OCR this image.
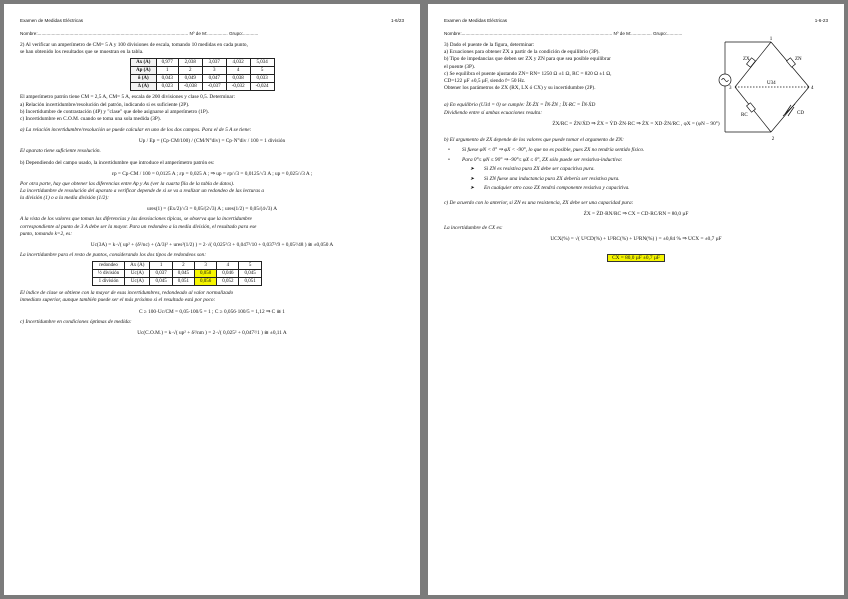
Examen de Medidas Eléctricas	1-6/23
Nombre:...................................................................................................................... Nº de M:................ Grupo:............

2) Al verificar un amperímetro de CM= 5 A y 100 divisiones de escala, tomando 10 medidas en cada punto,

se han obtenido los resultados que se muestran en la tabla.

Ax (A)	0,977	2,038	3,037	4,032	5,034
Ap (A)	1	2	3	4	5
δ (A)	0,043	0,049	0,047	0,038	0,033
Δ (A)	0,023	-0,038	-0,037	-0,032	-0,024

El amperímetro patrón tiene CM = 2,5 A, CM= 5 A, escala de 200 divisiones y clase 0,5. Determinar:

a) Relación incertidumbre/resolución del patrón, indicando si es suficiente (2P).

b) Incertidumbre de contrastación (4P) y "clase" que debe asignarse al amperímetro (1P).

c) Incertidumbre en C.O.M. cuando se toma una sola medida (3P).

a) La relación incertidumbre/resolución se puede calcular en uno de los dos campos. Para el de 5 A se tiene:

Up / Ep = (Cp·CM/100) / (CM/N°div) = Cp·N°div / 100 = 1 división

El aparato tiene suficiente resolución.

b) Dependiendo del campo usado, la incertidumbre que introduce el amperímetro patrón es:

εp = Cp·CM / 100 = 0,0125 A ; εp = 0,025 A ; ⇒ up = εp/√3 = 0,0125/√3 A ; up = 0,025/√3 A ;

Por otra parte, hay que obtener las diferencias entre Ap y Ax (ver la cuarta fila de la tabla de datos).

La incertidumbre de resolución del aparato a verificar depende de si se va a realizar un redondeo de las lecturas a

la división (1) o a la media división (1/2):

ures(1) = (Ex/2)/√3 = 0,05/(2√3) A ; ures(1/2) = 0,05/(4√3) A

A la vista de los valores que toman las diferencias y las desviaciones típicas, se observa que la incertidumbre

correspondiente al punto de 3 A debe ser la mayor. Para un redondeo a la media división, el resultado para ese

punto, tomando k=2, es:

Uc(3A) = k·√( up² + (δ²/nc) + (Δ/3)² + ures²(1/2) ) = 2·√( 0,025²/3 + 0,047²/10 + 0,037²/9 + 0,05²/48 ) ≅ ±0,050 A

La incertidumbre para el resto de puntos, considerando los dos tipos de redondeos son:

redondeo	Ax (A)	1	2	3	4	5
½ división	Uc(A)	0,037	0,045	0,050	0,046	0,045
1 división	Uc(A)	0,045	0,051	0,056	0,052	0,051

El índice de clase se obtiene con la mayor de esas incertidumbres, redondeado al valor normalizado

inmediato superior, aunque también puede ser el más próximo si el resultado está por poco:

C ≥ 100·Uc/CM = 0,05·100/5 = 1 ; C ≥ 0,056·100/5 = 1,12 ⇒ C ≅ 1

c) Incertidumbre en condiciones óptimas de medida:

Uc(C.O.M.) = k·√( up² + δ²/nm ) = 2·√( 0,025² + 0,047²/1 ) ≅ ±0,11 A

Examen de Medidas Eléctricas	1-6-23
Nombre:...................................................................................................................... Nº de M:................ Grupo:............

3) Dado el puente de la figura, determinar:

a) Ecuaciones para obtener ZX a partir de la condición de equilibrio (3P).

b) Tipo de impedancias que deben ser ZX y ZN para que sea posible equilibrar

el puente (3P).

c) Se equilibra el puente ajustando ZN= RN= 1250 Ω ±1 Ω, RC = 820 Ω ±1 Ω,

CD=122 µF ±0,5 µF, siendo f= 50 Hz.

Obtener los parámetros de ZX (RX, LX ó CX) y su incertidumbre (2P).

1
2
3	4
ZX	ZN
U34
RC	CD

a) En equilibrio (U34 = 0) se cumple: ÎX·ŻX = ÎN·ŻN ; ÎX·RC = ÎN·ẊD

Dividiendo entre sí ambas ecuaciones resulta:

ŻX/RC = ŻN/ẊD ⇒ ŻX = ẎD·ŻN·RC ⇒ ŻX = XD·ŻN/RC , φX = (φN − 90°)

b) El argumento de ZX depende de los valores que puede tomar el argumento de ZN:

• Si fuese φN < 0° ⇒ φX < -90°, lo que no es posible, pues ZX no tendría sentido físico.

• Para 0°≤ φN ≤ 90° ⇒ -90°≤ φX ≤ 0°, ZX sólo puede ser resistiva-inductiva:

➤ Si ZN es resistiva pura ZX debe ser capacitiva pura.

➤ Si ZN fuese una inductancia pura ZX debería ser resistiva pura.

➤ En cualquier otro caso ZX tendrá componente resistiva y capacitiva.

c) De acuerdo con lo anterior, si ZN es una resistencia, ZX debe ser una capacidad pura:

ŻX = ŻD·RN/RC ⇒ CX = CD·RC/RN = 80,0 µF

La incertidumbre de CX es:

UCX(%) = √( U²CD(%) + U²RC(%) + U²RN(%) ) = ±0,84 % ⇒ UCX = ±0,7 µF

CX = 80,0 µF ±0,7 µF
